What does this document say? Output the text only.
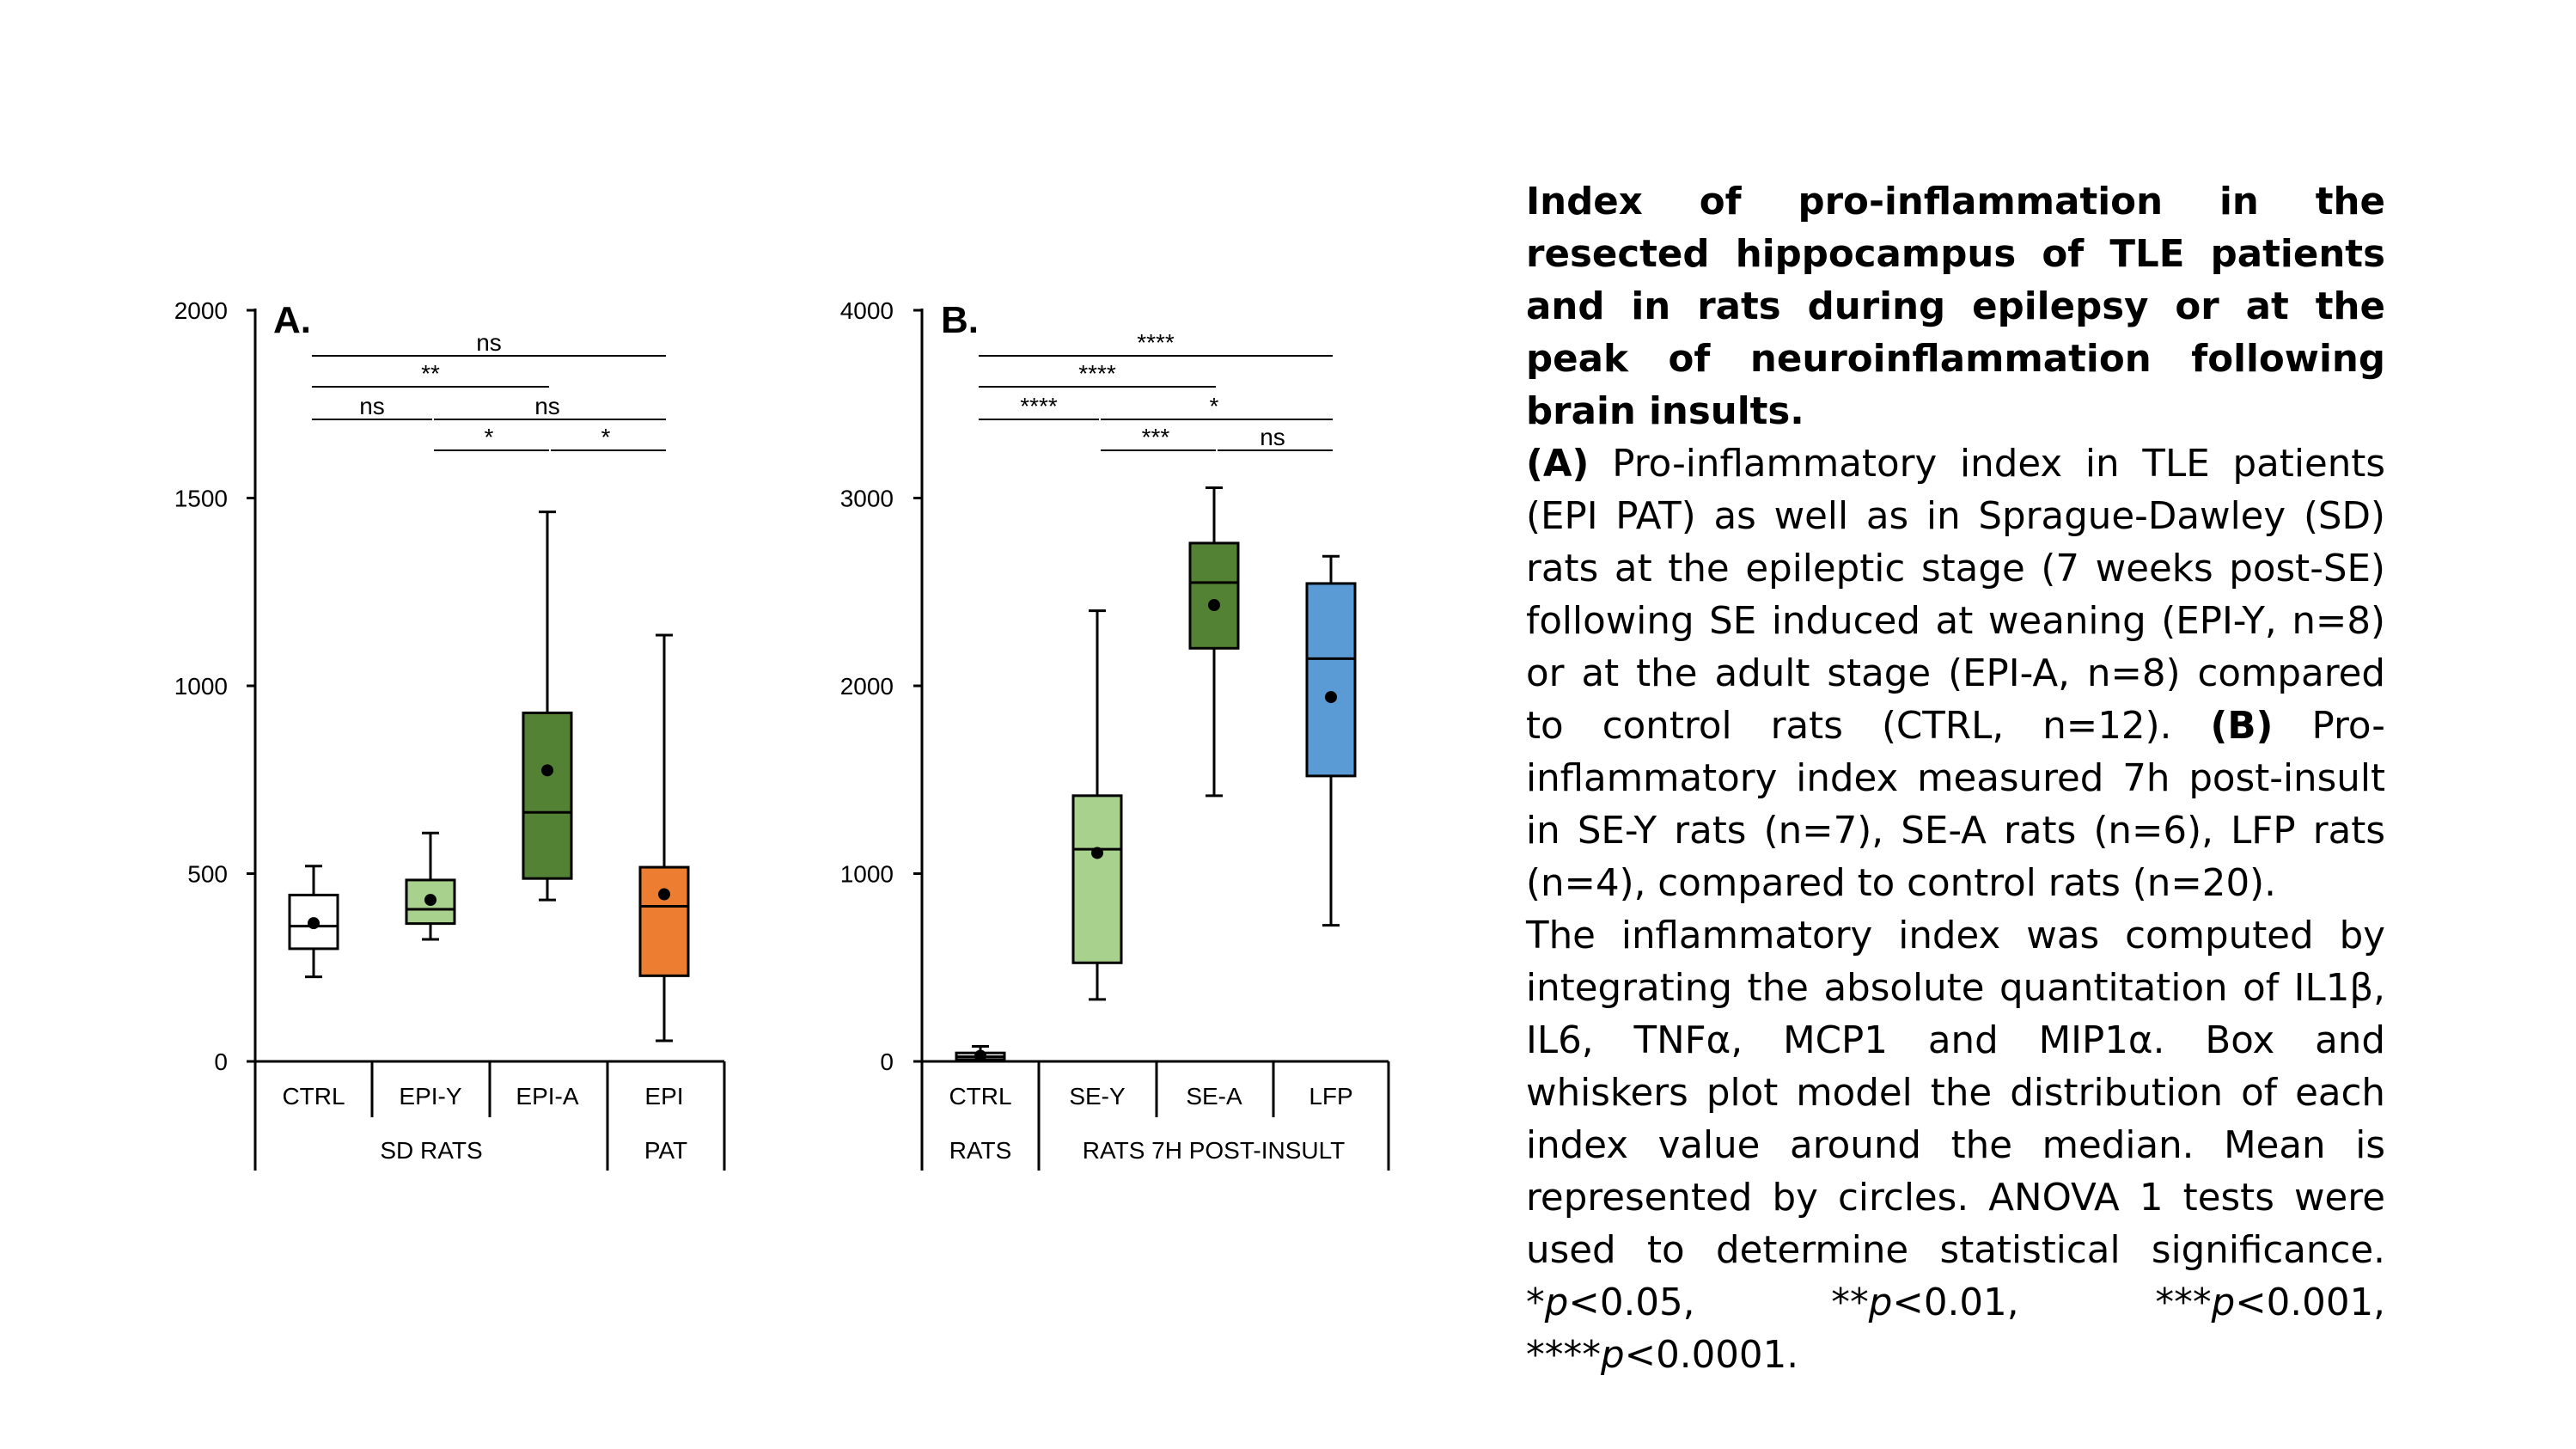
0
500
1000
1500
2000 A.
CTRL EPI-Y EPI-A	EPI
SD RATS	PAT
ns
**
ns	ns
*	*
0
1000
2000
3000
4000 B.
CTRL SE-Y	SE-A	LFP
RATS	RATS 7H POST-INSULT
****
****
****	*
***	ns

Index of pro-inflammation in the resected hippocampus of TLE patients and in rats during epilepsy or at the peak of neuroinflammation following brain insults.

(A) Pro-inflammatory index in TLE patients (EPI PAT) as well as in Sprague-Dawley (SD) rats at the epileptic stage (7 weeks post-SE) following SE induced at weaning (EPI-Y, n=8) or at the adult stage (EPI-A, n=8) compared to control rats (CTRL, n=12). (B) Pro-inflammatory index measured 7h post-insult in SE-Y rats (n=7), SE-A rats (n=6), LFP rats (n=4), compared to control rats (n=20).

The inflammatory index was computed by integrating the absolute quantitation of IL1β, IL6, TNFα, MCP1 and MIP1α. Box and whiskers plot model the distribution of each index value around the median. Mean is represented by circles. ANOVA 1 tests were used to determine statistical significance. *p<0.05, **p<0.01, ***p<0.001, ****p<0.0001.
